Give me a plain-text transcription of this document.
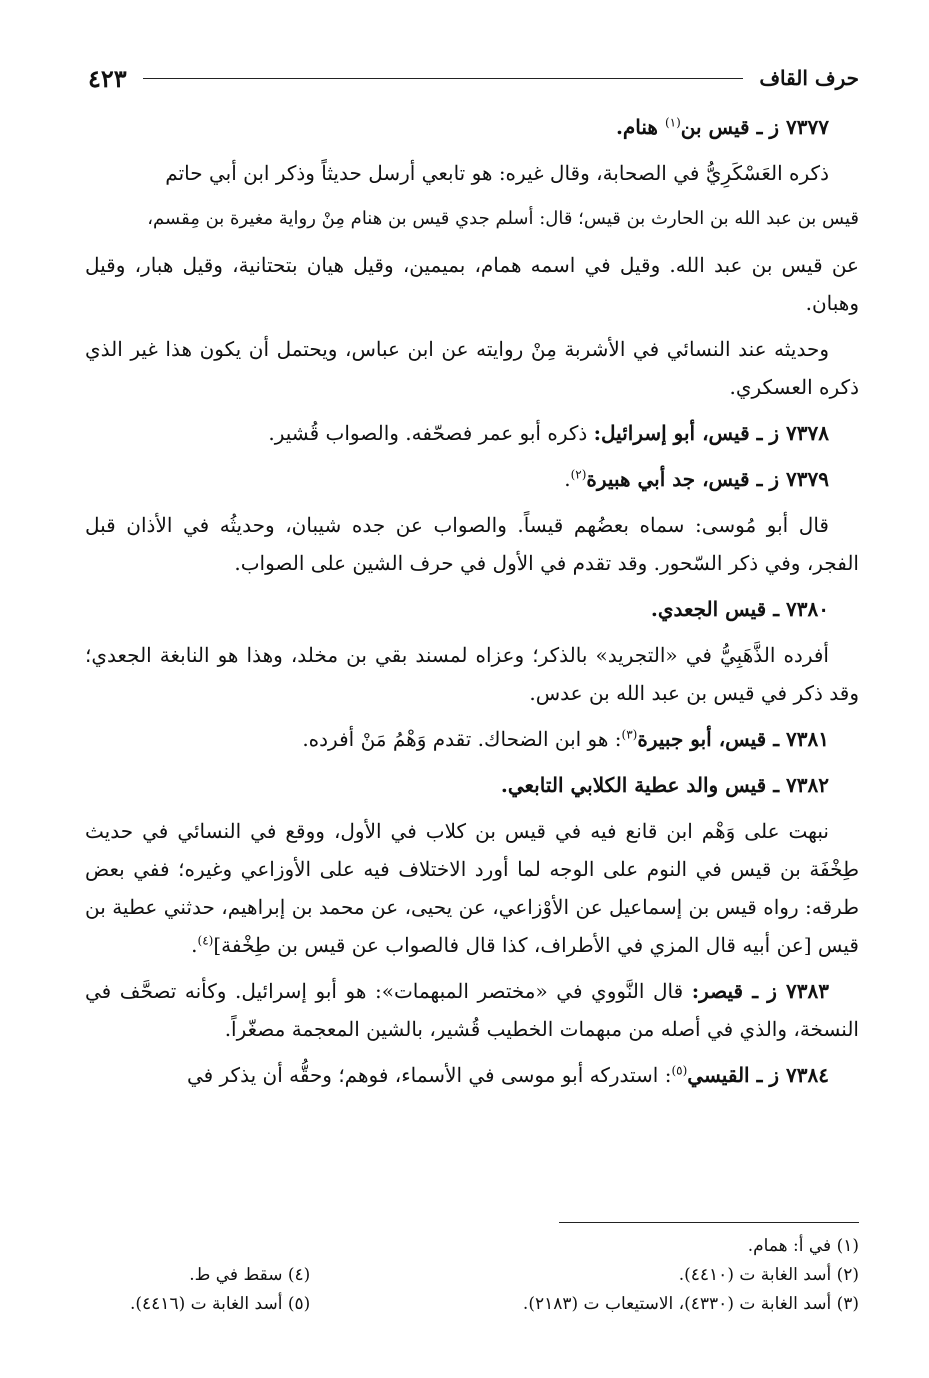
حرف القاف
٤٢٣

٧٣٧٧ ز ـ قيس بن$^{(١)}$ هنام.

ذكره العَسْكَرِيُّ في الصحابة، وقال غيره: هو تابعي أرسل حديثاً وذكر ابن أبي حاتم

قيس بن عبد الله بن الحارث بن قيس؛ قال: أسلم جدي قيس بن هنام مِنْ رواية مغيرة بن مِقسم،

عن قيس بن عبد الله. وقيل في اسمه همام، بميمين، وقيل هيان بتحتانية، وقيل هبار، وقيل وهبان.

وحديثه عند النسائي في الأشربة مِنْ روايته عن ابن عباس، ويحتمل أن يكون هذا غير الذي ذكره العسكري.

٧٣٧٨ ز ـ قيس، أبو إسرائيل: ذكره أبو عمر فصحّفه. والصواب قُشير.

٧٣٧٩ ز ـ قيس، جد أبي هبيرة$^{(٢)}$.

قال أبو مُوسى: سماه بعضُهم قيساً. والصواب عن جده شيبان، وحديثُه في الأذان قبل الفجر، وفي ذكر السّحور. وقد تقدم في الأول في حرف الشين على الصواب.

٧٣٨٠ ـ قيس الجعدي.

أفرده الذَّهَبِيُّ في «التجريد» بالذكر؛ وعزاه لمسند بقي بن مخلد، وهذا هو النابغة الجعدي؛ وقد ذكر في قيس بن عبد الله بن عدس.

٧٣٨١ ـ قيس، أبو جبيرة$^{(٣)}$: هو ابن الضحاك. تقدم وَهْمُ مَنْ أفرده.

٧٣٨٢ ـ قيس والد عطية الكلابي التابعي.

نبهت على وَهْم ابن قانع فيه في قيس بن كلاب في الأول، ووقع في النسائي في حديث طِخْفَة بن قيس في النوم على الوجه لما أورد الاختلاف فيه على الأوزاعي وغيره؛ ففي بعض طرقه: رواه قيس بن إسماعيل عن الأوْزاعي، عن يحيى، عن محمد بن إبراهيم، حدثني عطية بن قيس [عن أبيه قال المزي في الأطراف، كذا قال فالصواب عن قيس بن طِخْفة]$^{(٤)}$.

٧٣٨٣ ز ـ قيصر: قال النَّووي في «مختصر المبهمات»: هو أبو إسرائيل. وكأنه تصحَّف في النسخة، والذي في أصله من مبهمات الخطيب قُشير، بالشين المعجمة مصغّراً.

٧٣٨٤ ز ـ القيسي$^{(٥)}$: استدركه أبو موسى في الأسماء، فوهم؛ وحقُّه أن يذكر في

(١) في أ: همام.
(٢) أسد الغابة ت (٤٤١٠).
(٣) أسد الغابة ت (٤٣٣٠)، الاستيعاب ت (٢١٨٣).
(٤) سقط في ط.
(٥) أسد الغابة ت (٤٤١٦).
